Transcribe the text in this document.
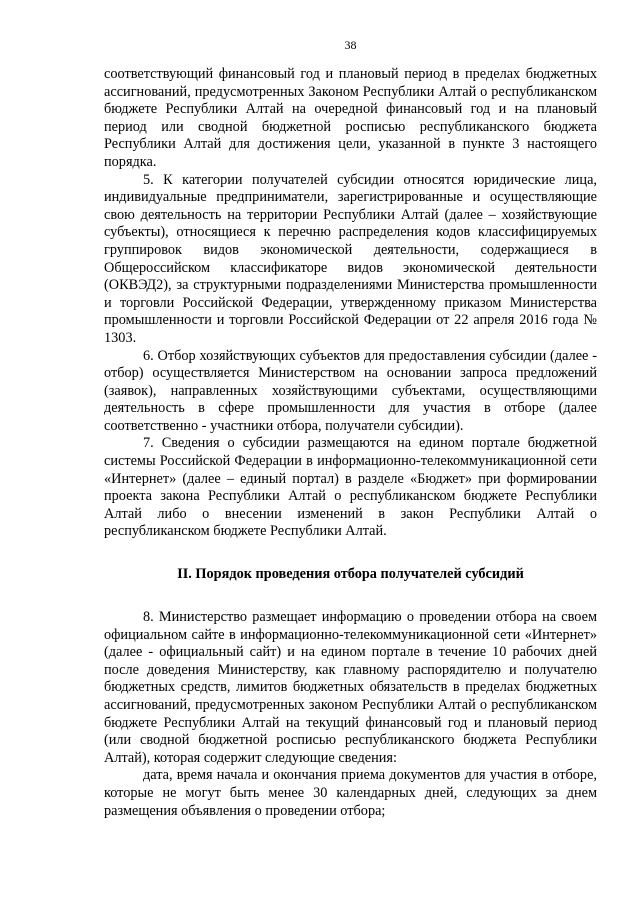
38

соответствующий финансовый год и плановый период в пределах бюджетных ассигнований, предусмотренных Законом Республики Алтай о республиканском бюджете Республики Алтай на очередной финансовый год и на плановый период или сводной бюджетной росписью республиканского бюджета Республики Алтай для достижения цели, указанной в пункте 3 настоящего порядка.

5. К категории получателей субсидии относятся юридические лица, индивидуальные предприниматели, зарегистрированные и осуществляющие свою деятельность на территории Республики Алтай (далее – хозяйствующие субъекты), относящиеся к перечню распределения кодов классифицируемых группировок видов экономической деятельности, содержащиеся в Общероссийском классификаторе видов экономической деятельности (ОКВЭД2), за структурными подразделениями Министерства промышленности и торговли Российской Федерации, утвержденному приказом Министерства промышленности и торговли Российской Федерации от 22 апреля 2016 года № 1303.

6. Отбор хозяйствующих субъектов для предоставления субсидии (далее - отбор) осуществляется Министерством на основании запроса предложений (заявок), направленных хозяйствующими субъектами, осуществляющими деятельность в сфере промышленности для участия в отборе (далее соответственно - участники отбора, получатели субсидии).

7. Сведения о субсидии размещаются на едином портале бюджетной системы Российской Федерации в информационно-телекоммуникационной сети «Интернет» (далее – единый портал) в разделе «Бюджет» при формировании проекта закона Республики Алтай о республиканском бюджете Республики Алтай либо о внесении изменений в закон Республики Алтай о республиканском бюджете Республики Алтай.

II. Порядок проведения отбора получателей субсидий

8. Министерство размещает информацию о проведении отбора на своем официальном сайте в информационно-телекоммуникационной сети «Интернет» (далее - официальный сайт) и на едином портале в течение 10 рабочих дней после доведения Министерству, как главному распорядителю и получателю бюджетных средств, лимитов бюджетных обязательств в пределах бюджетных ассигнований, предусмотренных законом Республики Алтай о республиканском бюджете Республики Алтай на текущий финансовый год и плановый период (или сводной бюджетной росписью республиканского бюджета Республики Алтай), которая содержит следующие сведения:

дата, время начала и окончания приема документов для участия в отборе, которые не могут быть менее 30 календарных дней, следующих за днем размещения объявления о проведении отбора;
